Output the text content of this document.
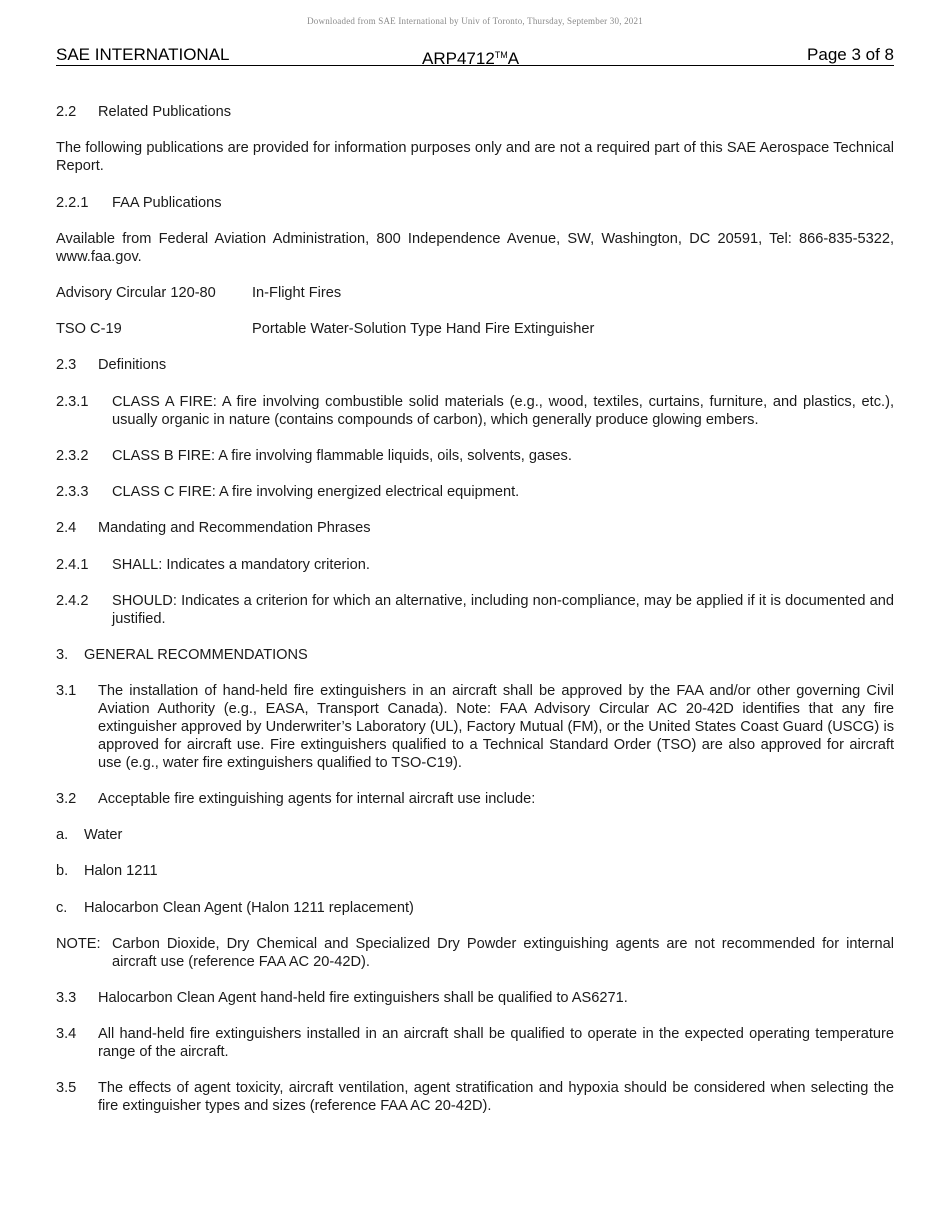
Downloaded from SAE International by Univ of Toronto, Thursday, September 30, 2021
SAE INTERNATIONAL	ARP4712™A	Page 3 of 8
2.2	Related Publications

The following publications are provided for information purposes only and are not a required part of this SAE Aerospace Technical Report.

2.2.1	FAA Publications

Available from Federal Aviation Administration, 800 Independence Avenue, SW, Washington, DC 20591, Tel: 866-835-5322, www.faa.gov.

Advisory Circular 120-80	In-Flight Fires
TSO C-19	Portable Water-Solution Type Hand Fire Extinguisher
2.3	Definitions
2.3.1	CLASS A FIRE: A fire involving combustible solid materials (e.g., wood, textiles, curtains, furniture, and plastics, etc.), usually organic in nature (contains compounds of carbon), which generally produce glowing embers.
2.3.2	CLASS B FIRE: A fire involving flammable liquids, oils, solvents, gases.
2.3.3	CLASS C FIRE: A fire involving energized electrical equipment.
2.4	Mandating and Recommendation Phrases
2.4.1	SHALL: Indicates a mandatory criterion.
2.4.2	SHOULD: Indicates a criterion for which an alternative, including non-compliance, may be applied if it is documented and justified.
3.	GENERAL RECOMMENDATIONS
3.1	The installation of hand-held fire extinguishers in an aircraft shall be approved by the FAA and/or other governing Civil Aviation Authority (e.g., EASA, Transport Canada). Note: FAA Advisory Circular AC 20-42D identifies that any fire extinguisher approved by Underwriter’s Laboratory (UL), Factory Mutual (FM), or the United States Coast Guard (USCG) is approved for aircraft use. Fire extinguishers qualified to a Technical Standard Order (TSO) are also approved for aircraft use (e.g., water fire extinguishers qualified to TSO-C19).
3.2	Acceptable fire extinguishing agents for internal aircraft use include:
a.	Water
b.	Halon 1211
c.	Halocarbon Clean Agent (Halon 1211 replacement)
NOTE: Carbon Dioxide, Dry Chemical and Specialized Dry Powder extinguishing agents are not recommended for internal aircraft use (reference FAA AC 20-42D).
3.3	Halocarbon Clean Agent hand-held fire extinguishers shall be qualified to AS6271.
3.4	All hand-held fire extinguishers installed in an aircraft shall be qualified to operate in the expected operating temperature range of the aircraft.
3.5	The effects of agent toxicity, aircraft ventilation, agent stratification and hypoxia should be considered when selecting the fire extinguisher types and sizes (reference FAA AC 20-42D).
